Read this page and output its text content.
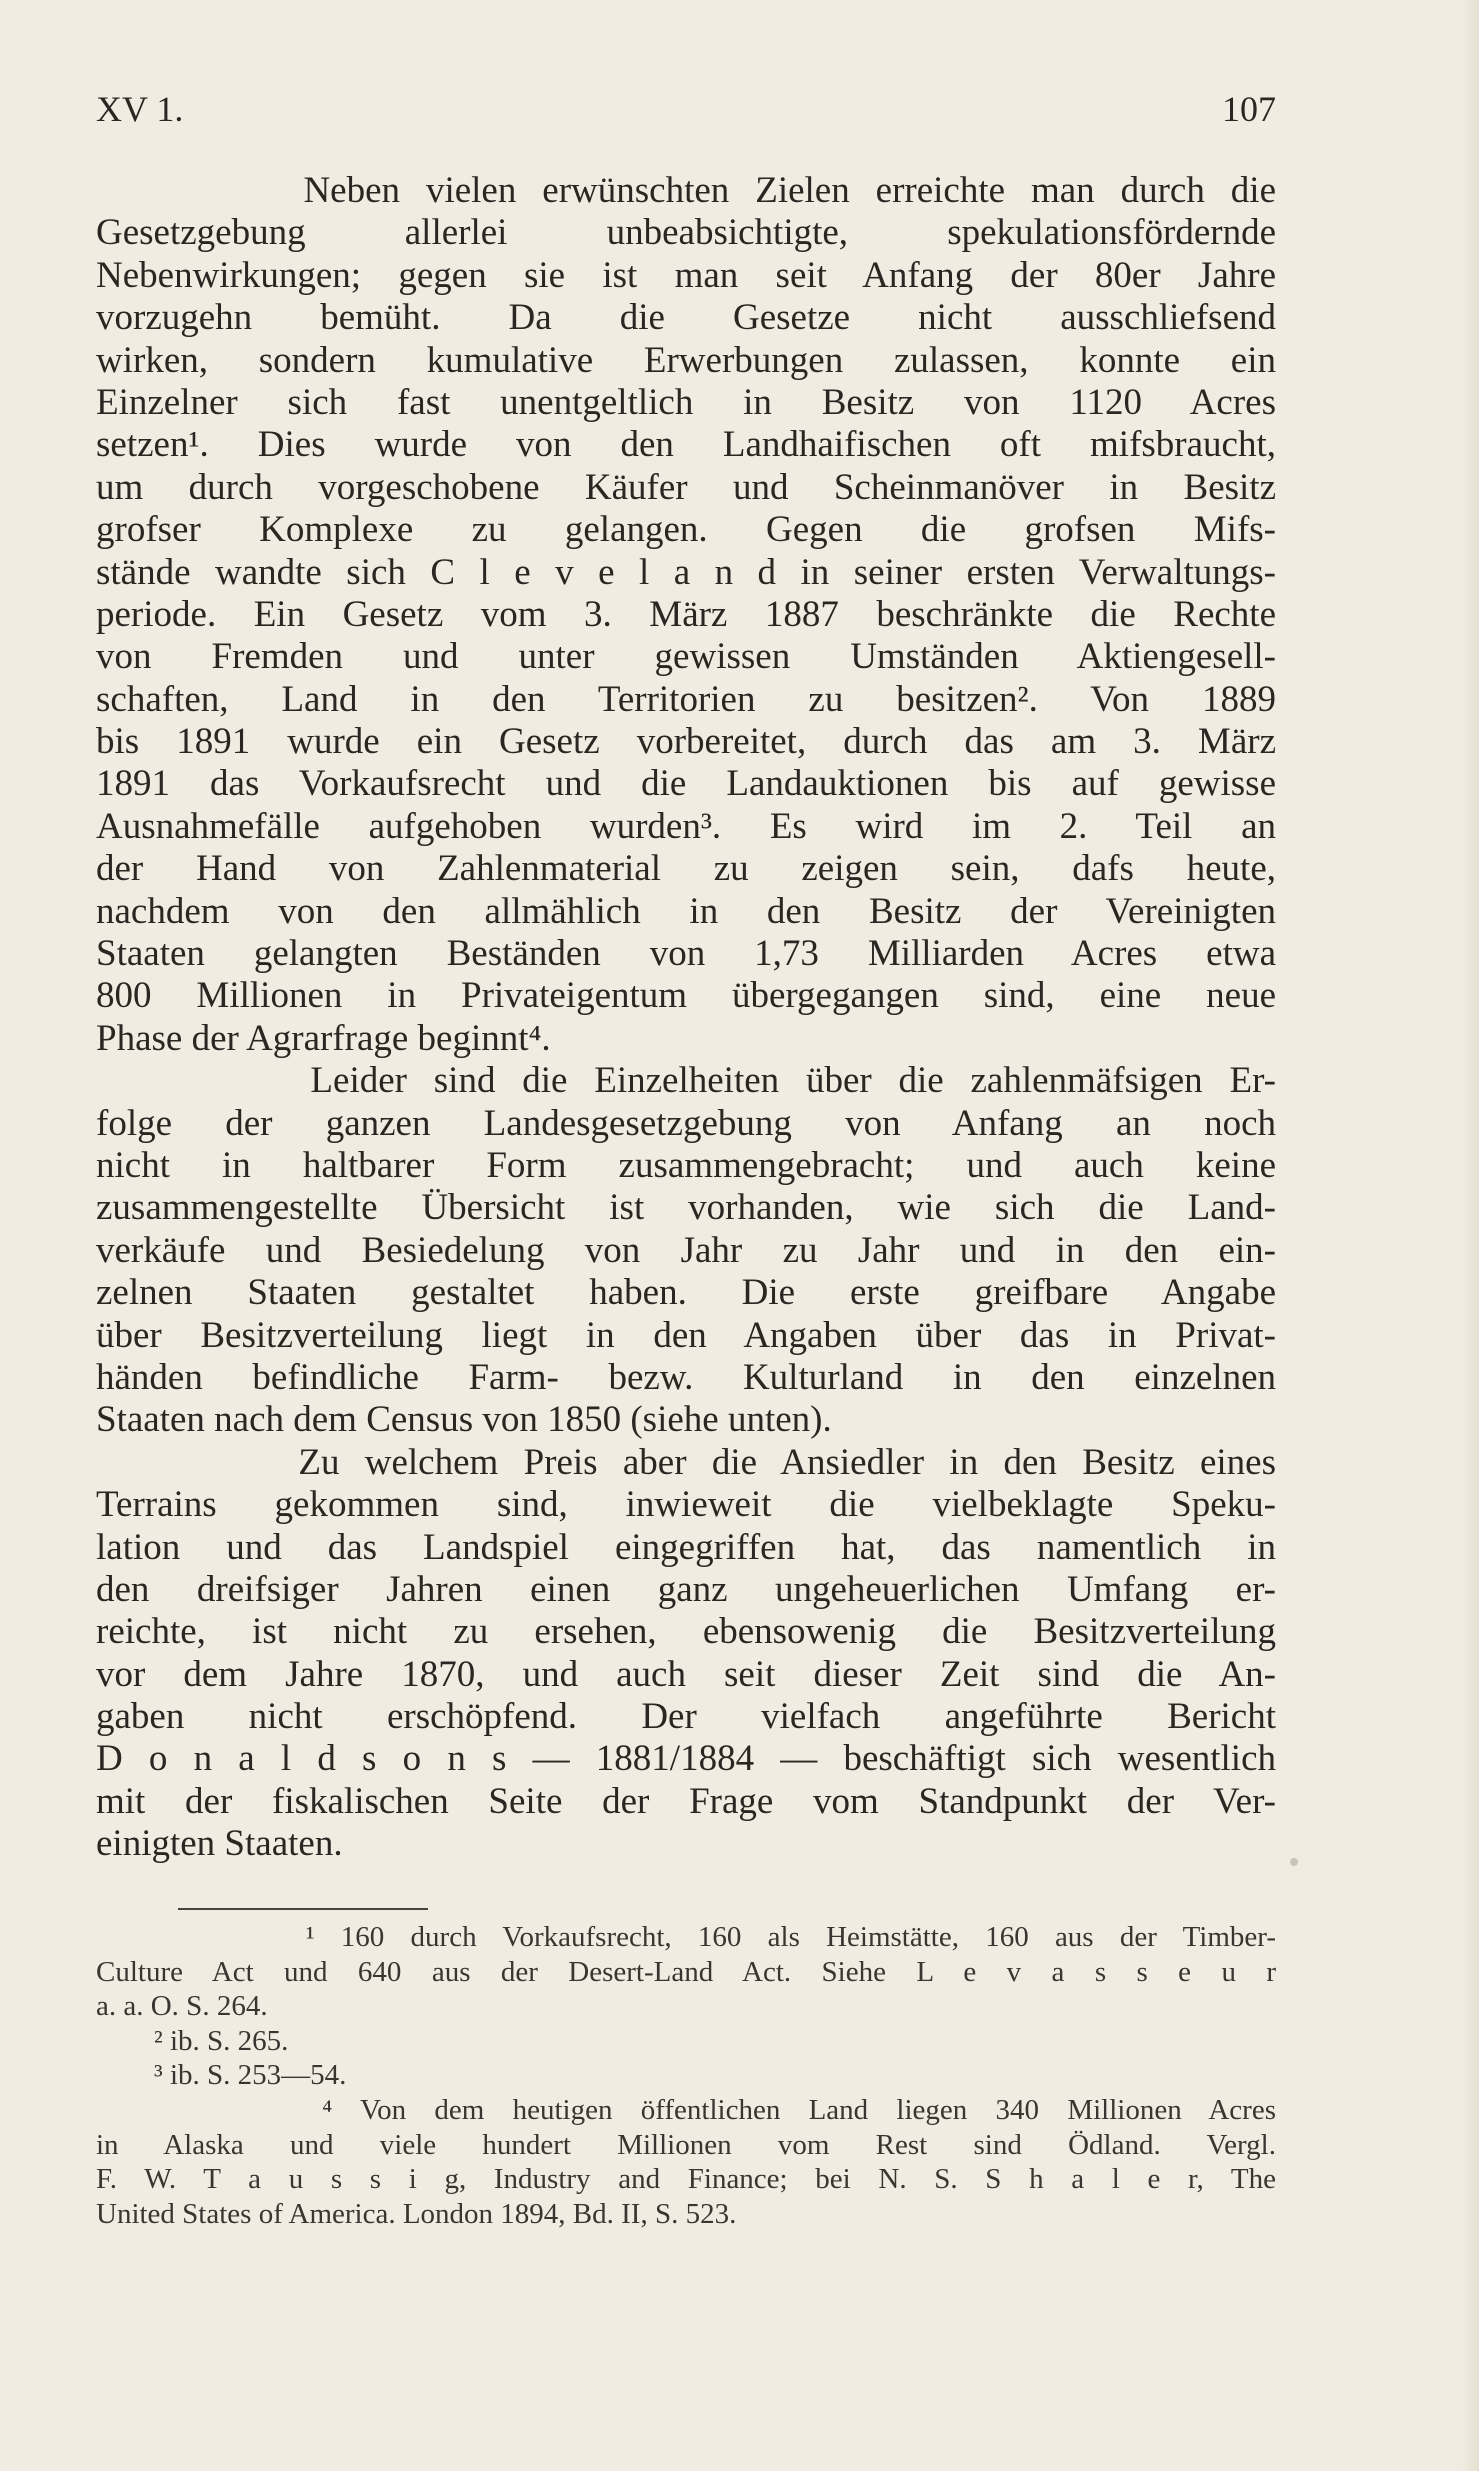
XV 1.	107
Neben vielen erwünschten Zielen erreichte man durch die
Gesetzgebung allerlei unbeabsichtigte, spekulationsfördernde
Nebenwirkungen; gegen sie ist man seit Anfang der 80er Jahre
vorzugehn bemüht. Da die Gesetze nicht ausschliefsend
wirken, sondern kumulative Erwerbungen zulassen, konnte ein
Einzelner sich fast unentgeltlich in Besitz von 1120 Acres
setzen¹. Dies wurde von den Landhaifischen oft mifsbraucht,
um durch vorgeschobene Käufer und Scheinmanöver in Besitz
grofser Komplexe zu gelangen. Gegen die grofsen Mifs-
stände wandte sich C l e v e l a n d in seiner ersten Verwaltungs-
periode. Ein Gesetz vom 3. März 1887 beschränkte die Rechte
von Fremden und unter gewissen Umständen Aktiengesell-
schaften, Land in den Territorien zu besitzen². Von 1889
bis 1891 wurde ein Gesetz vorbereitet, durch das am 3. März
1891 das Vorkaufsrecht und die Landauktionen bis auf gewisse
Ausnahmefälle aufgehoben wurden³. Es wird im 2. Teil an
der Hand von Zahlenmaterial zu zeigen sein, dafs heute,
nachdem von den allmählich in den Besitz der Vereinigten
Staaten gelangten Beständen von 1,73 Milliarden Acres etwa
800 Millionen in Privateigentum übergegangen sind, eine neue
Phase der Agrarfrage beginnt⁴.
Leider sind die Einzelheiten über die zahlenmäfsigen Er-
folge der ganzen Landesgesetzgebung von Anfang an noch
nicht in haltbarer Form zusammengebracht; und auch keine
zusammengestellte Übersicht ist vorhanden, wie sich die Land-
verkäufe und Besiedelung von Jahr zu Jahr und in den ein-
zelnen Staaten gestaltet haben. Die erste greifbare Angabe
über Besitzverteilung liegt in den Angaben über das in Privat-
händen befindliche Farm- bezw. Kulturland in den einzelnen
Staaten nach dem Census von 1850 (siehe unten).
Zu welchem Preis aber die Ansiedler in den Besitz eines
Terrains gekommen sind, inwieweit die vielbeklagte Speku-
lation und das Landspiel eingegriffen hat, das namentlich in
den dreifsiger Jahren einen ganz ungeheuerlichen Umfang er-
reichte, ist nicht zu ersehen, ebensowenig die Besitzverteilung
vor dem Jahre 1870, und auch seit dieser Zeit sind die An-
gaben nicht erschöpfend. Der vielfach angeführte Bericht
D o n a l d s o n s — 1881/1884 — beschäftigt sich wesentlich
mit der fiskalischen Seite der Frage vom Standpunkt der Ver-
einigten Staaten.
¹ 160 durch Vorkaufsrecht, 160 als Heimstätte, 160 aus der Timber-
Culture Act und 640 aus der Desert-Land Act. Siehe L e v a s s e u r
a. a. O. S. 264.
² ib. S. 265.
³ ib. S. 253—54.
⁴ Von dem heutigen öffentlichen Land liegen 340 Millionen Acres
in Alaska und viele hundert Millionen vom Rest sind Ödland. Vergl.
F. W. T a u s s i g, Industry and Finance; bei N. S. S h a l e r, The
United States of America. London 1894, Bd. II, S. 523.
